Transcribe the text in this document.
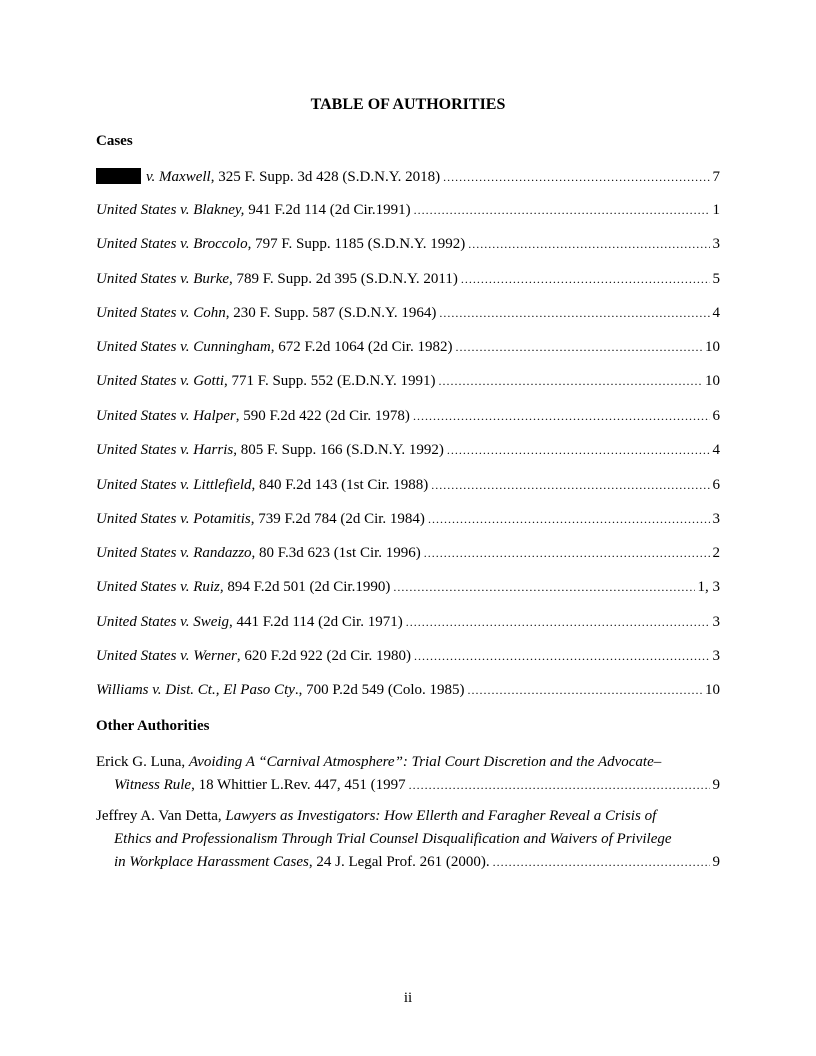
TABLE OF AUTHORITIES
Cases
v. Maxwell, 325 F. Supp. 3d 428 (S.D.N.Y. 2018) .....	7
United States v. Blakney, 941 F.2d 114 (2d Cir.1991) .....	1
United States v. Broccolo, 797 F. Supp. 1185 (S.D.N.Y. 1992) .....	3
United States v. Burke, 789 F. Supp. 2d 395 (S.D.N.Y. 2011) .....	5
United States v. Cohn, 230 F. Supp. 587 (S.D.N.Y. 1964) .....	4
United States v. Cunningham, 672 F.2d 1064 (2d Cir. 1982) .....	10
United States v. Gotti, 771 F. Supp. 552 (E.D.N.Y. 1991) .....	10
United States v. Halper, 590 F.2d 422 (2d Cir. 1978) .....	6
United States v. Harris, 805 F. Supp. 166 (S.D.N.Y. 1992) .....	4
United States v. Littlefield, 840 F.2d 143 (1st Cir. 1988) .....	6
United States v. Potamitis, 739 F.2d 784 (2d Cir. 1984) .....	3
United States v. Randazzo, 80 F.3d 623 (1st Cir. 1996) .....	2
United States v. Ruiz, 894 F.2d 501 (2d Cir.1990) .....	1, 3
United States v. Sweig, 441 F.2d 114 (2d Cir. 1971) .....	3
United States v. Werner, 620 F.2d 922 (2d Cir. 1980) .....	3
Williams v. Dist. Ct., El Paso Cty., 700 P.2d 549 (Colo. 1985) .....	10
Other Authorities
Erick G. Luna, Avoiding A “Carnival Atmosphere”: Trial Court Discretion and the Advocate–
Witness Rule, 18 Whittier L.Rev. 447, 451 (1997 .....	9
Jeffrey A. Van Detta, Lawyers as Investigators: How Ellerth and Faragher Reveal a Crisis of
Ethics and Professionalism Through Trial Counsel Disqualification and Waivers of Privilege
in Workplace Harassment Cases, 24 J. Legal Prof. 261 (2000). .....	9
ii
